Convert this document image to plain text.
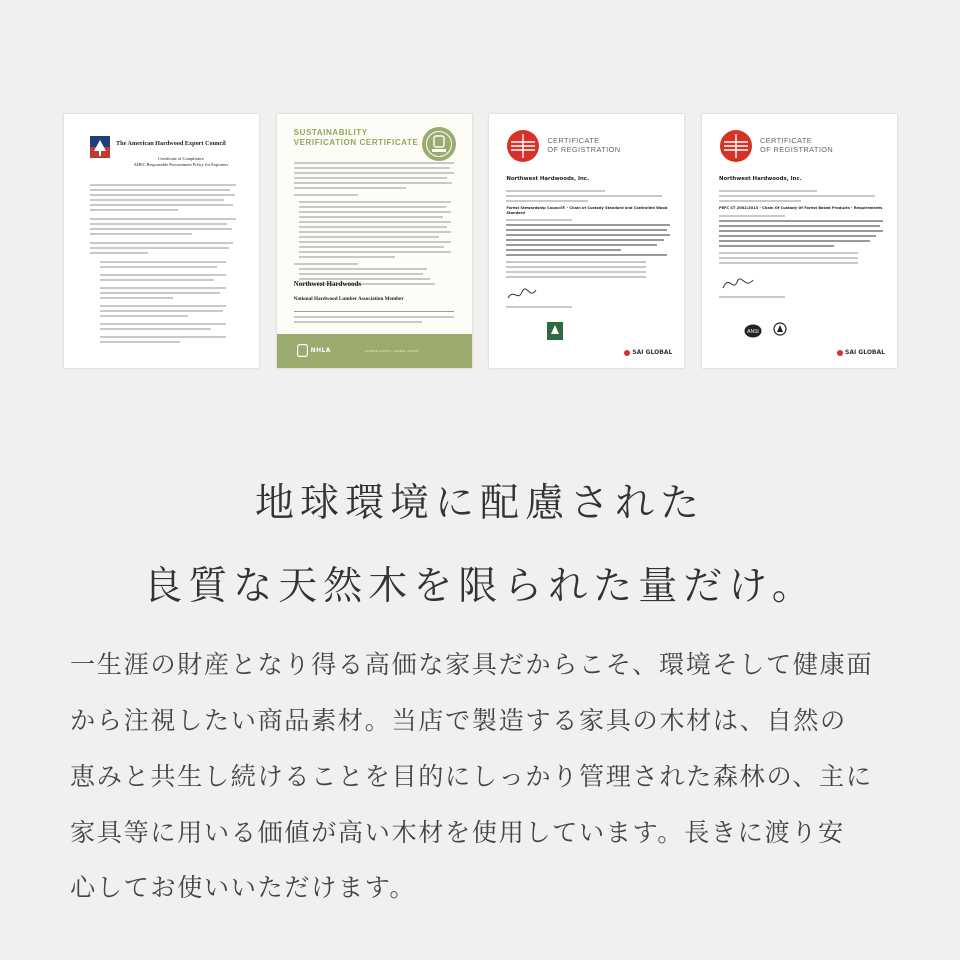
The American Hardwood Export Council
Certificate of Compliance
AHEC Responsible Procurement Policy for Exporters
SUSTAINABILITY
VERIFICATION CERTIFICATE
Northwest Hardwoods
National Hardwood Lumber Association Member
NHLA	STRONG ROOTS. GLOBAL REACH.
CERTIFICATE
OF REGISTRATION
Northwest Hardwoods, Inc.
Forest Stewardship Council® - Chain of Custody Standard and Controlled Wood Standard
SAI GLOBAL
CERTIFICATE
OF REGISTRATION
Northwest Hardwoods, Inc.
PEFC ST 2002:2013 - Chain Of Custody Of Forest Based Products - Requirements
ANSI
SAI GLOBAL
地球環境に配慮された
良質な天然木を限られた量だけ。
一生涯の財産となり得る高価な家具だからこそ、環境そして健康面
から注視したい商品素材。当店で製造する家具の木材は、自然の
恵みと共生し続けることを目的にしっかり管理された森林の、主に
家具等に用いる価値が高い木材を使用しています。長きに渡り安
心してお使いいただけます。
